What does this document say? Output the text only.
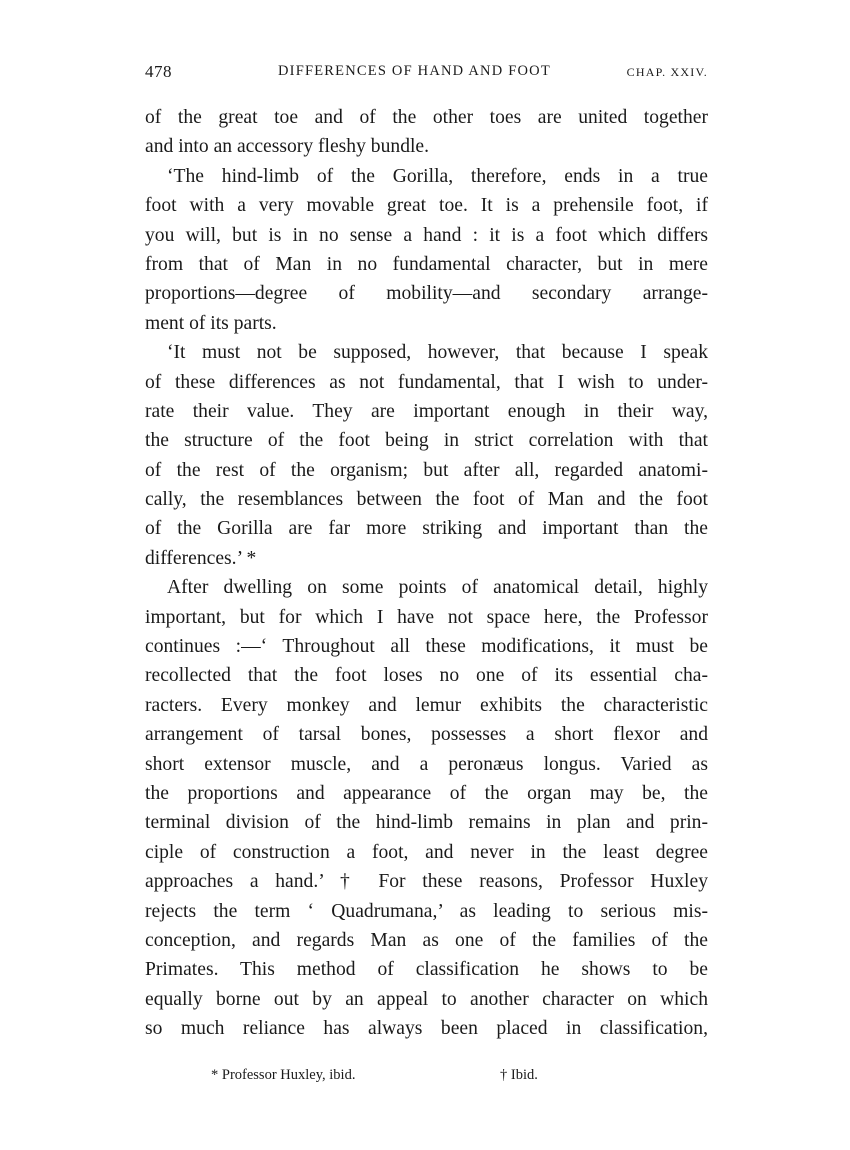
478	DIFFERENCES OF HAND AND FOOT	CHAP. XXIV.
of the great toe and of the other toes are united together
and into an accessory fleshy bundle.
‘The hind-limb of the Gorilla, therefore, ends in a true
foot with a very movable great toe. It is a prehensile foot, if
you will, but is in no sense a hand : it is a foot which differs
from that of Man in no fundamental character, but in mere
proportions—degree of mobility—and secondary arrange-
ment of its parts.
‘It must not be supposed, however, that because I speak
of these differences as not fundamental, that I wish to under-
rate their value. They are important enough in their way,
the structure of the foot being in strict correlation with that
of the rest of the organism; but after all, regarded anatomi-
cally, the resemblances between the foot of Man and the foot
of the Gorilla are far more striking and important than the
differences.’ *
After dwelling on some points of anatomical detail, highly
important, but for which I have not space here, the Professor
continues :—‘ Throughout all these modifications, it must be
recollected that the foot loses no one of its essential cha-
racters. Every monkey and lemur exhibits the characteristic
arrangement of tarsal bones, possesses a short flexor and
short extensor muscle, and a peronæus longus. Varied as
the proportions and appearance of the organ may be, the
terminal division of the hind-limb remains in plan and prin-
ciple of construction a foot, and never in the least degree
approaches a hand.’ † For these reasons, Professor Huxley
rejects the term ‘ Quadrumana,’ as leading to serious mis-
conception, and regards Man as one of the families of the
Primates. This method of classification he shows to be
equally borne out by an appeal to another character on which
so much reliance has always been placed in classification,
* Professor Huxley, ibid.	† Ibid.
